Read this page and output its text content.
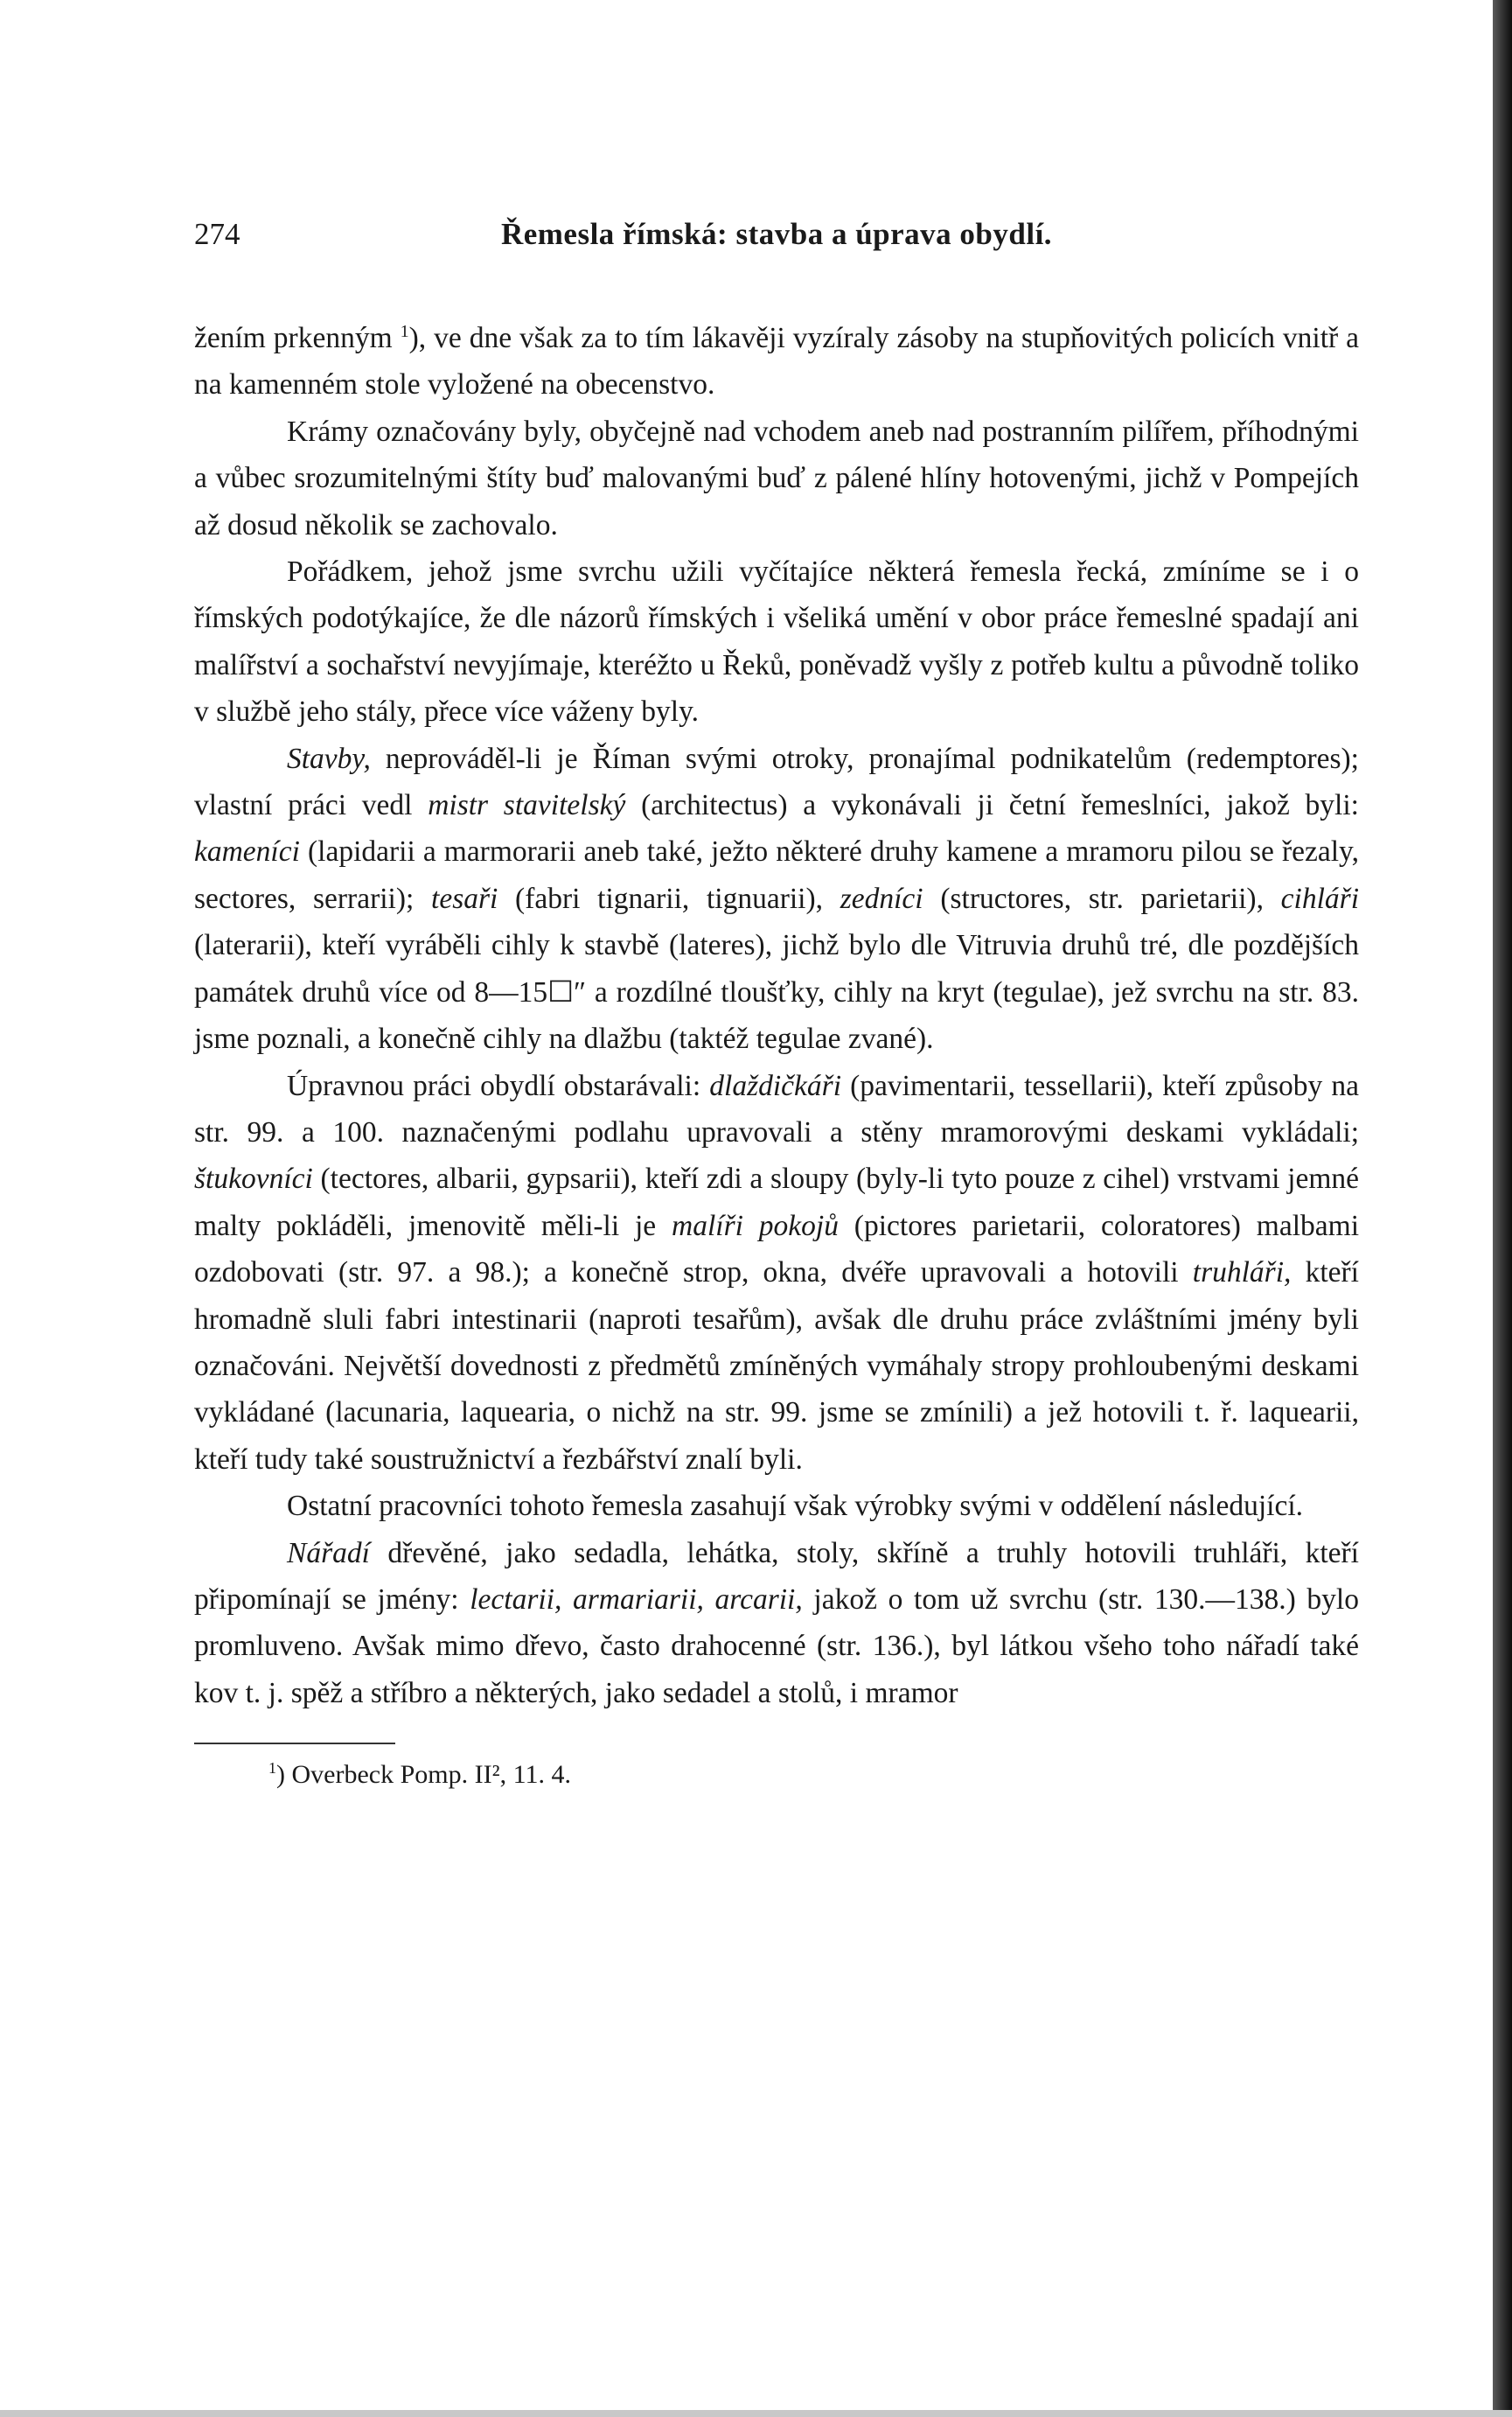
274	Řemesla římská: stavba a úprava obydlí.

žením prkenným $^1$), ve dne však za to tím lákavěji vyzíraly zásoby na stupňovitých policích vnitř a na kamenném stole vyložené na obecenstvo.

Krámy označovány byly, obyčejně nad vchodem aneb nad postranním pilířem, příhodnými a vůbec srozumitelnými štíty buď malovanými buď z pálené hlíny hotovenými, jichž v Pompejích až dosud několik se zachovalo.

Pořádkem, jehož jsme svrchu užili vyčítajíce některá řemesla řecká, zmíníme se i o římských podotýkajíce, že dle názorů římských i všeliká umění v obor práce řemeslné spadají ani malířství a sochařství nevyjímaje, kteréžto u Řeků, poněvadž vyšly z potřeb kultu a původně toliko v službě jeho stály, přece více váženy byly.

Stavby, neprováděl-li je Říman svými otroky, pronajímal podnikatelům (redemptores); vlastní práci vedl mistr stavitelský (architectus) a vykonávali ji četní řemeslníci, jakož byli: kameníci (lapidarii a marmorarii aneb také, ježto některé druhy kamene a mramoru pilou se řezaly, sectores, serrarii); tesaři (fabri tignarii, tignuarii), zedníci (structores, str. parietarii), cihláři (laterarii), kteří vyráběli cihly k stavbě (lateres), jichž bylo dle Vitruvia druhů tré, dle pozdějších památek druhů více od 8—15☐″ a rozdílné tloušťky, cihly na kryt (tegulae), jež svrchu na str. 83. jsme poznali, a konečně cihly na dlažbu (taktéž tegulae zvané).

Úpravnou práci obydlí obstarávali: dlaždičkáři (pavimentarii, tessellarii), kteří způsoby na str. 99. a 100. naznačenými podlahu upravovali a stěny mramorovými deskami vykládali; štukovníci (tectores, albarii, gypsarii), kteří zdi a sloupy (byly-li tyto pouze z cihel) vrstvami jemné malty pokláděli, jmenovitě měli-li je malíři pokojů (pictores parietarii, coloratores) malbami ozdobovati (str. 97. a 98.); a konečně strop, okna, dvéře upravovali a hotovili truhláři, kteří hromadně sluli fabri intestinarii (naproti tesařům), avšak dle druhu práce zvláštními jmény byli označováni. Největší dovednosti z předmětů zmíněných vymáhaly stropy prohloubenými deskami vykládané (lacunaria, laquearia, o nichž na str. 99. jsme se zmínili) a jež hotovili t. ř. laquearii, kteří tudy také soustružnictví a řezbářství znalí byli.

Ostatní pracovníci tohoto řemesla zasahují však výrobky svými v oddělení následující.

Nářadí dřevěné, jako sedadla, lehátka, stoly, skříně a truhly hotovili truhláři, kteří připomínají se jmény: lectarii, armariarii, arcarii, jakož o tom už svrchu (str. 130.—138.) bylo promluveno. Avšak mimo dřevo, často drahocenné (str. 136.), byl látkou všeho toho nářadí také kov t. j. spěž a stříbro a některých, jako sedadel a stolů, i mramor

$^1$) Overbeck Pomp. II², 11. 4.
